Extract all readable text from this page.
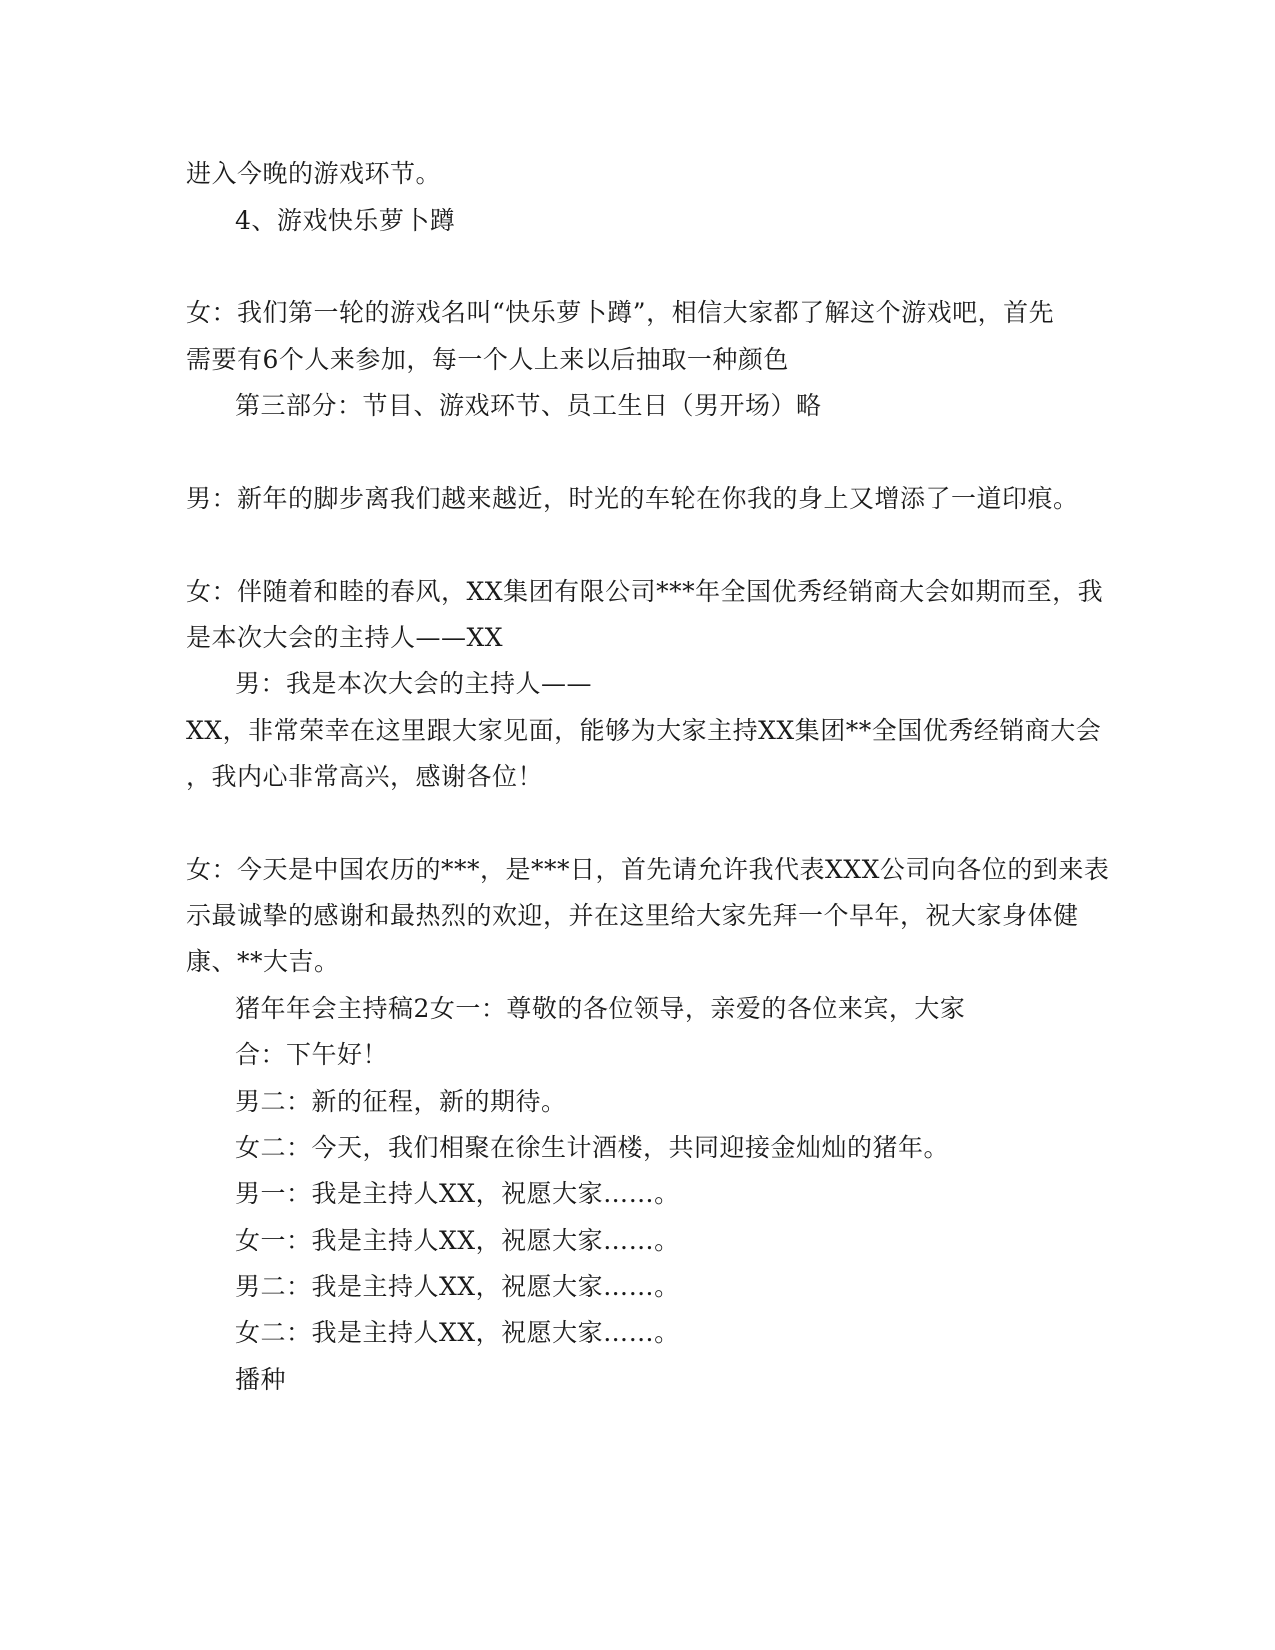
进入今晚的游戏环节。
4、游戏快乐萝卜蹲
女：我们第一轮的游戏名叫“快乐萝卜蹲”，相信大家都了解这个游戏吧，首先
需要有6个人来参加，每一个人上来以后抽取一种颜色
第三部分：节目、游戏环节、员工生日（男开场）略
男：新年的脚步离我们越来越近，时光的车轮在你我的身上又增添了一道印痕。
女：伴随着和睦的春风，XX集团有限公司***年全国优秀经销商大会如期而至，我
是本次大会的主持人——XX
男：我是本次大会的主持人——
XX，非常荣幸在这里跟大家见面，能够为大家主持XX集团**全国优秀经销商大会
，我内心非常高兴，感谢各位！
女：今天是中国农历的***，是***日，首先请允许我代表XXX公司向各位的到来表
示最诚挚的感谢和最热烈的欢迎，并在这里给大家先拜一个早年，祝大家身体健
康、**大吉。
猪年年会主持稿2女一：尊敬的各位领导，亲爱的各位来宾，大家
合：下午好！
男二：新的征程，新的期待。
女二：今天，我们相聚在徐生计酒楼，共同迎接金灿灿的猪年。
男一：我是主持人XX，祝愿大家……。
女一：我是主持人XX，祝愿大家……。
男二：我是主持人XX，祝愿大家……。
女二：我是主持人XX，祝愿大家……。
播种
